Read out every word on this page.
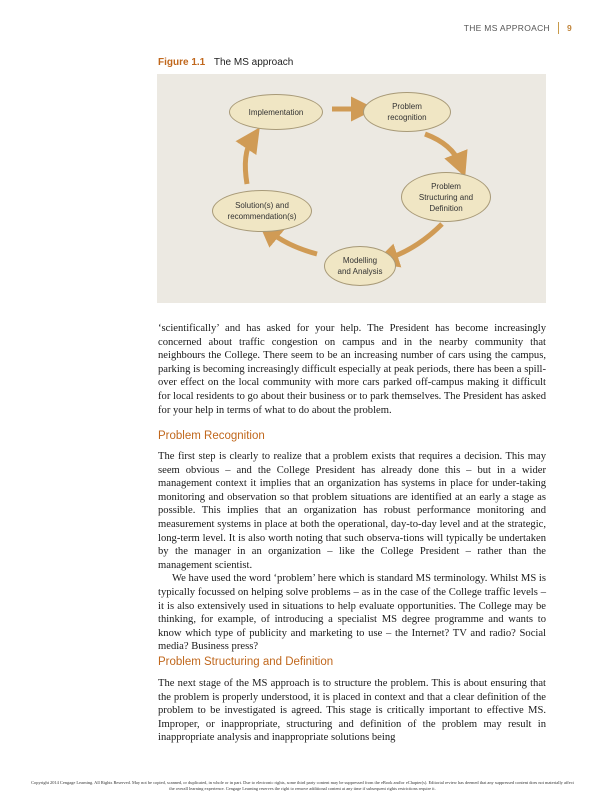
THE MS APPROACH 9
Figure 1.1 The MS approach
Implementation
Problem
recognition
Problem
Structuring and
Definition
Modelling
and Analysis
Solution(s) and
recommendation(s)

‘scientifically’ and has asked for your help. The President has become increasingly concerned about traffic congestion on campus and in the nearby community that neighbours the College. There seem to be an increasing number of cars using the campus, parking is becoming increasingly difficult especially at peak periods, there has been a spill-over effect on the local community with more cars parked off-campus making it difficult for local residents to go about their business or to park themselves. The President has asked for your help in terms of what to do about the problem.

Problem Recognition

The first step is clearly to realize that a problem exists that requires a decision. This may seem obvious – and the College President has already done this – but in a wider management context it implies that an organization has systems in place for under-taking monitoring and observation so that problem situations are identified at an early a stage as possible. This implies that an organization has robust performance monitoring and measurement systems in place at both the operational, day-to-day level and at the strategic, long-term level. It is also worth noting that such observa-tions will typically be undertaken by the manager in an organization – like the College President – rather than the management scientist.

We have used the word ‘problem’ here which is standard MS terminology. Whilst MS is typically focussed on helping solve problems – as in the case of the College traffic levels – it is also extensively used in situations to help evaluate opportunities. The College may be thinking, for example, of introducing a specialist MS degree programme and wants to know which type of publicity and marketing to use – the Internet? TV and radio? Social media? Business press?

Problem Structuring and Definition

The next stage of the MS approach is to structure the problem. This is about ensuring that the problem is properly understood, it is placed in context and that a clear definition of the problem to be investigated is agreed. This stage is critically important to effective MS. Improper, or inappropriate, structuring and definition of the problem may result in inappropriate analysis and inappropriate solutions being

Copyright 2014 Cengage Learning. All Rights Reserved. May not be copied, scanned, or duplicated, in whole or in part. Due to electronic rights, some third party content may be suppressed from the eBook and/or eChapter(s). Editorial review has deemed that any suppressed content does not materially affect the overall learning experience. Cengage Learning reserves the right to remove additional content at any time if subsequent rights restrictions require it.
